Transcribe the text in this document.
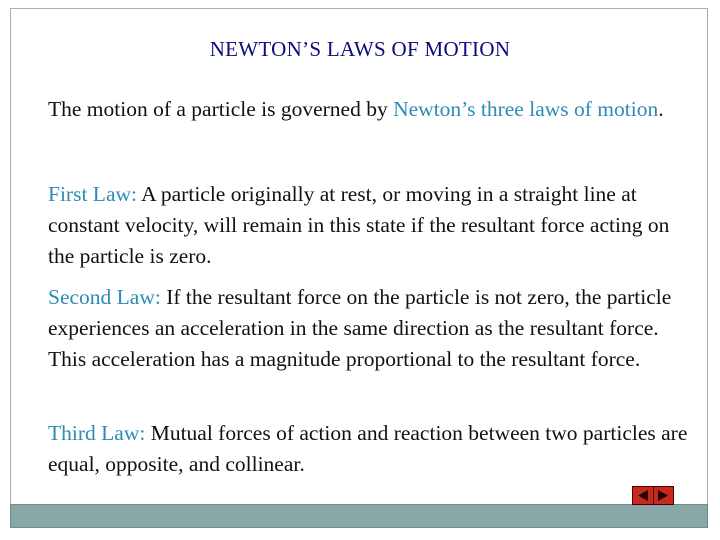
NEWTON’S LAWS OF MOTION
The motion of a particle is governed by Newton’s three laws of motion.
First Law: A particle originally at rest, or moving in a straight line at constant velocity, will remain in this state if the resultant force acting on the particle is zero.
Second Law: If the resultant force on the particle is not zero, the particle experiences an acceleration in the same direction as the resultant force. This acceleration has a magnitude proportional to the resultant force.
Third Law: Mutual forces of action and reaction between two particles are equal, opposite, and collinear.
